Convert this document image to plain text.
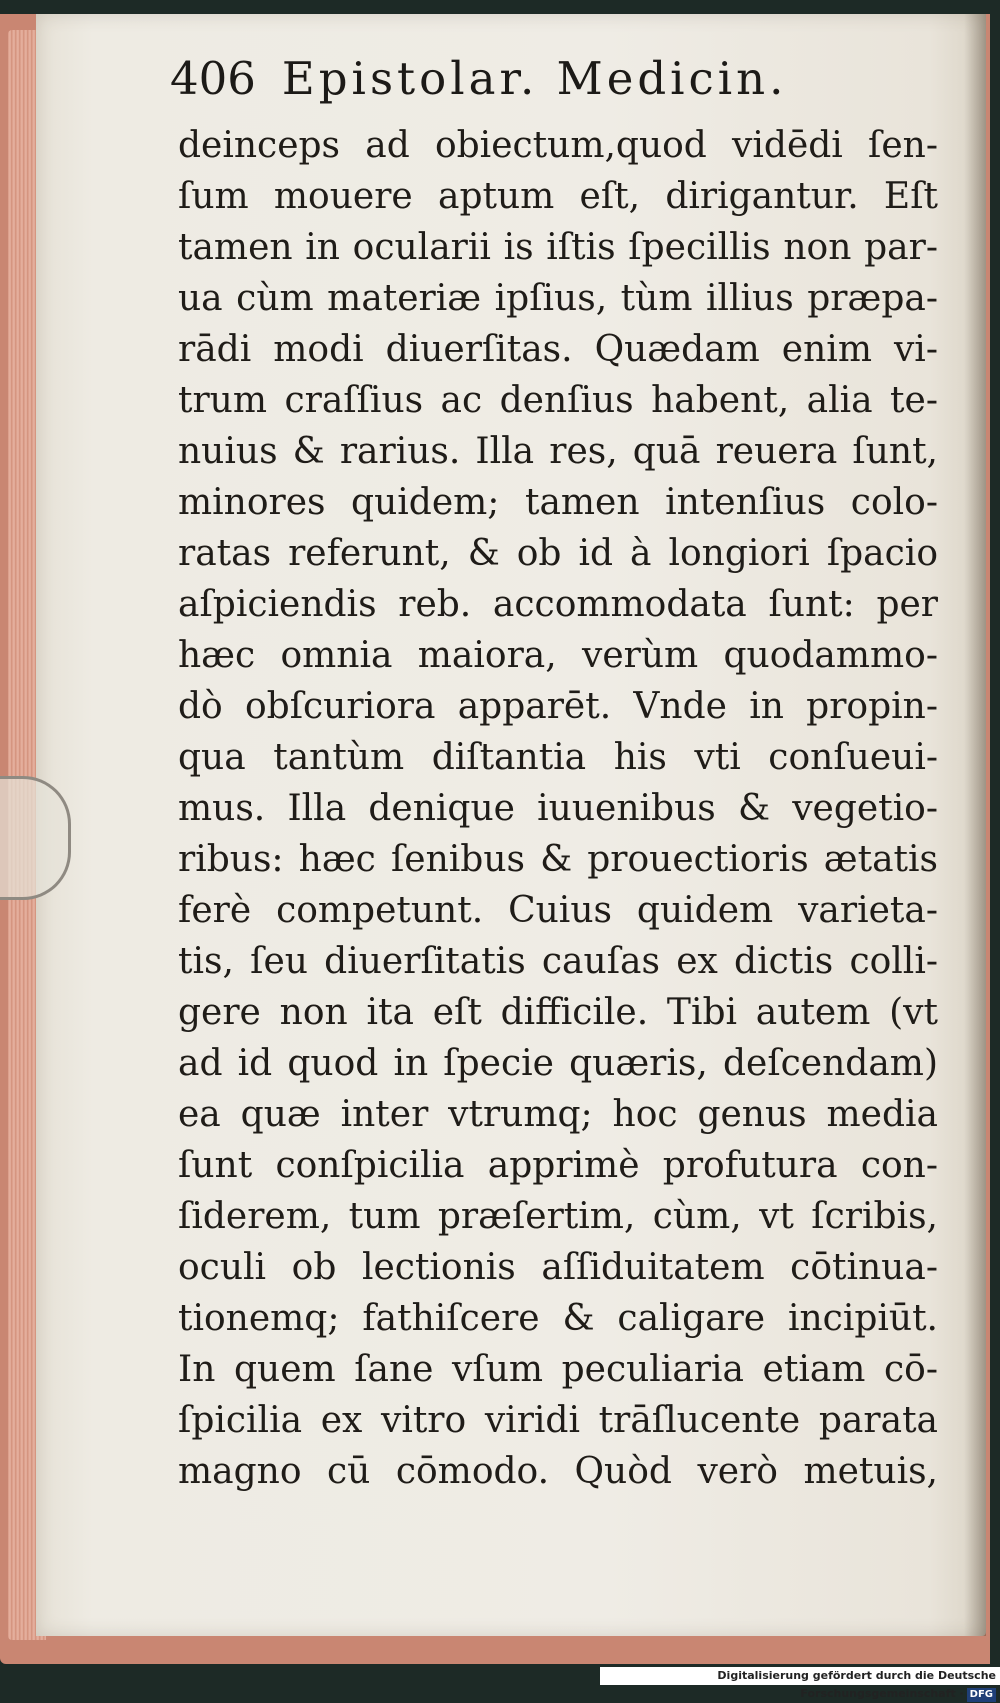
406 Epistolar. Medicin.
deinceps ad obiectum,quod vidēdi ſen-
ſum mouere aptum eſt, dirigantur. Eſt
tamen in ocularii is iſtis ſpecillis non par-
ua cùm materiæ ipſius, tùm illius præpa-
rādi modi diuerſitas. Quædam enim vi-
trum craſſius ac denſius habent, alia te-
nuius & rarius. Illa res, quā reuera ſunt,
minores quidem; tamen intenſius colo-
ratas referunt, & ob id à longiori ſpacio
aſpiciendis reb. accommodata ſunt: per
hæc omnia maiora, verùm quodammo-
dò obſcuriora apparēt. Vnde in propin-
qua tantùm diſtantia his vti conſueui-
mus. Illa denique iuuenibus & vegetio-
ribus: hæc ſenibus & prouectioris ætatis
ferè competunt. Cuius quidem varieta-
tis, ſeu diuerſitatis cauſas ex dictis colli-
gere non ita eſt difficile. Tibi autem (vt
ad id quod in ſpecie quæris, deſcendam)
ea quæ inter vtrumq; hoc genus media
ſunt conſpicilia apprimè profutura con-
ſiderem, tum præſertim, cùm, vt ſcribis,
oculi ob lectionis aſſiduitatem cōtinua-
tionemq; fathiſcere & caligare incipiūt.
In quem ſane vſum peculiaria etiam cō-
ſpicilia ex vitro viridi trāſlucente parata
magno cū cōmodo. Quòd verò metuis,
Digitalisierung gefördert durch die Deutsche Forschungsgemeinschaft · DFG
